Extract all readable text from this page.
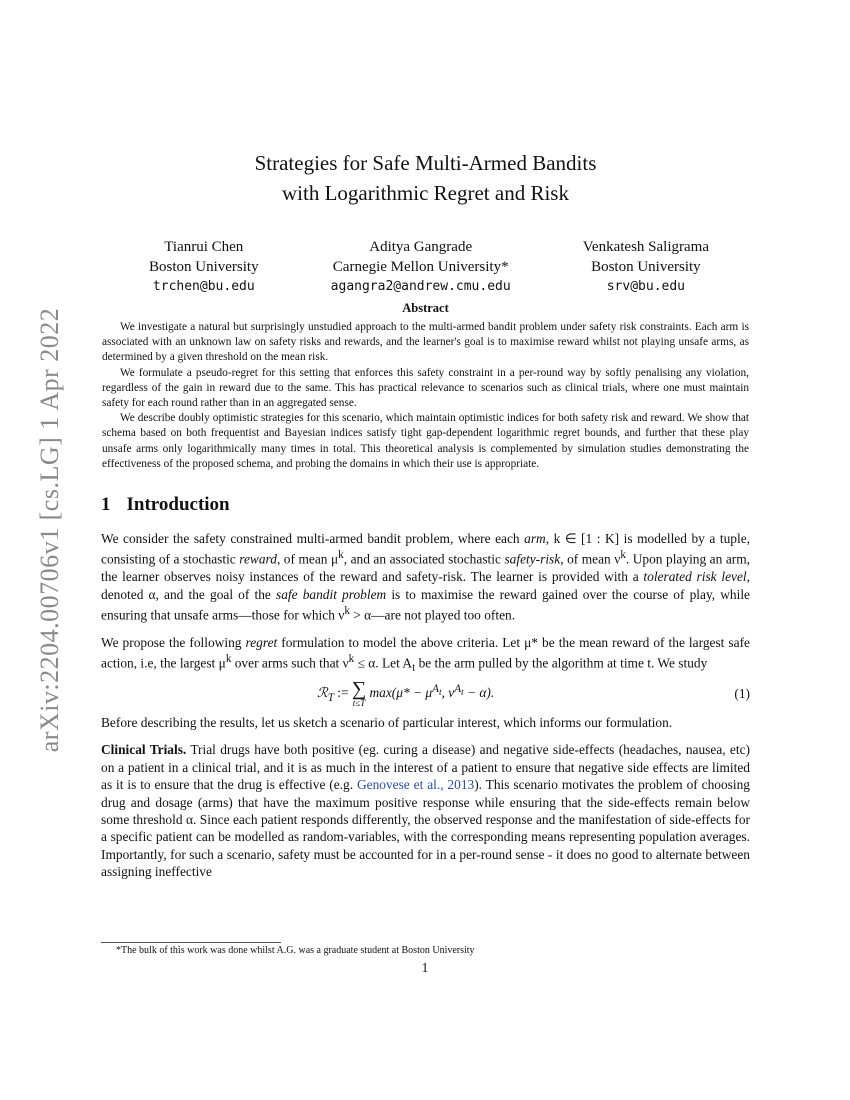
arXiv:2204.00706v1 [cs.LG] 1 Apr 2022
Strategies for Safe Multi-Armed Bandits
with Logarithmic Regret and Risk
Tianrui Chen
Boston University
trchen@bu.edu
Aditya Gangrade
Carnegie Mellon University*
agangra2@andrew.cmu.edu
Venkatesh Saligrama
Boston University
srv@bu.edu
Abstract

We investigate a natural but surprisingly unstudied approach to the multi-armed bandit problem under safety risk constraints. Each arm is associated with an unknown law on safety risks and rewards, and the learner's goal is to maximise reward whilst not playing unsafe arms, as determined by a given threshold on the mean risk.

We formulate a pseudo-regret for this setting that enforces this safety constraint in a per-round way by softly penalising any violation, regardless of the gain in reward due to the same. This has practical relevance to scenarios such as clinical trials, where one must maintain safety for each round rather than in an aggregated sense.

We describe doubly optimistic strategies for this scenario, which maintain optimistic indices for both safety risk and reward. We show that schema based on both frequentist and Bayesian indices satisfy tight gap-dependent logarithmic regret bounds, and further that these play unsafe arms only logarithmically many times in total. This theoretical analysis is complemented by simulation studies demonstrating the effectiveness of the proposed schema, and probing the domains in which their use is appropriate.

1 Introduction

We consider the safety constrained multi-armed bandit problem, where each arm, k ∈ [1 : K] is modelled by a tuple, consisting of a stochastic reward, of mean $\mu^k$, and an associated stochastic safety-risk, of mean $\nu^k$. Upon playing an arm, the learner observes noisy instances of the reward and safety-risk. The learner is provided with a tolerated risk level, denoted α, and the goal of the safe bandit problem is to maximise the reward gained over the course of play, while ensuring that unsafe arms—those for which $\nu^k$ > α—are not played too often.

We propose the following regret formulation to model the above criteria. Let μ* be the mean reward of the largest safe action, i.e, the largest $\mu^k$ over arms such that $\nu^k \le \alpha$. Let $A_t$ be the arm pulled by the algorithm at time t. We study

ℛ$_T$ := ∑
t≤T
$\max(\mu* - \mu^{A_t}$, $\nu^{A_t} - \alpha$).	(1)

Before describing the results, let us sketch a scenario of particular interest, which informs our formulation.

Clinical Trials. Trial drugs have both positive (eg. curing a disease) and negative side-effects (headaches, nausea, etc) on a patient in a clinical trial, and it is as much in the interest of a patient to ensure that negative side effects are limited as it is to ensure that the drug is effective (e.g. Genovese et al., 2013). This scenario motivates the problem of choosing drug and dosage (arms) that have the maximum positive response while ensuring that the side-effects remain below some threshold α. Since each patient responds differently, the observed response and the manifestation of side-effects for a specific patient can be modelled as random-variables, with the corresponding means representing population averages. Importantly, for such a scenario, safety must be accounted for in a per-round sense - it does no good to alternate between assigning ineffective

*The bulk of this work was done whilst A.G. was a graduate student at Boston University
1
